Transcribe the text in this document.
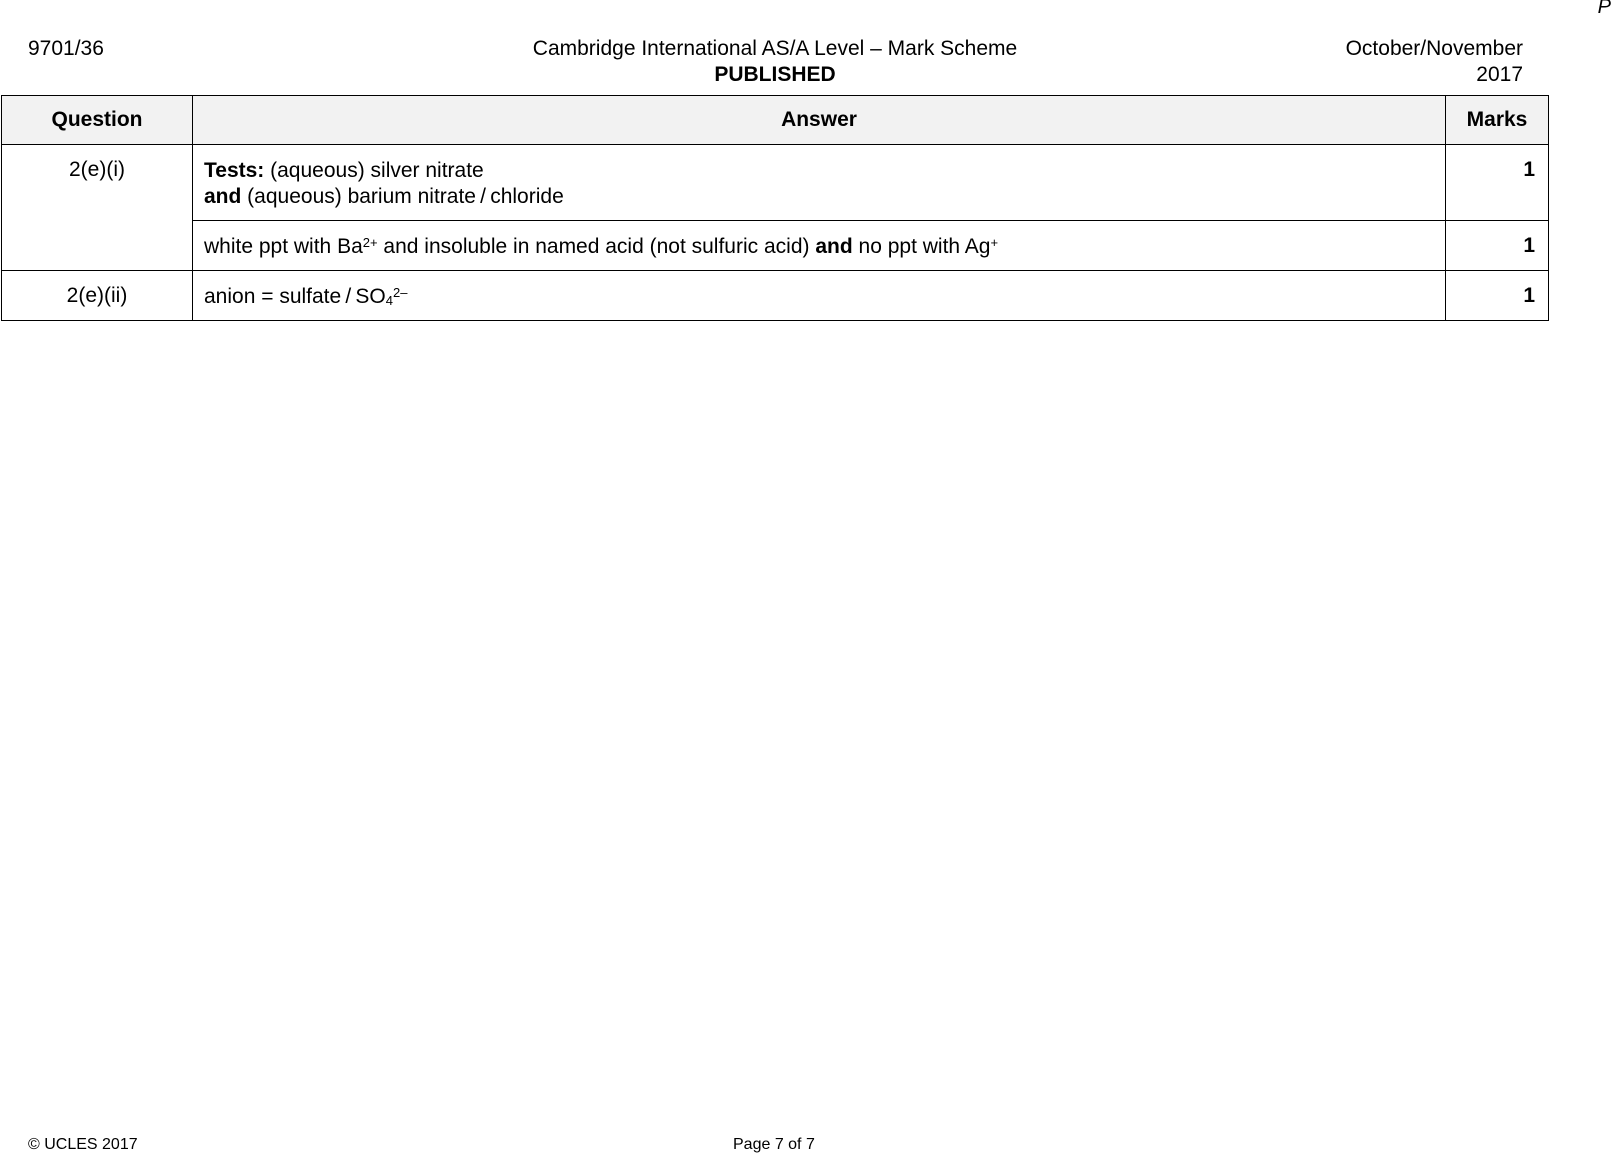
9701/36	Cambridge International AS/A Level – Mark Scheme
PUBLISHED
October/November
2017
P
Question	Answer	Marks
2(e)(i)	Tests: (aqueous) silver nitrate
and (aqueous) barium nitrate / chloride	1
	white ppt with $Ba^{2+}$ and insoluble in named acid (not sulfuric acid) and no ppt with Ag+	1
2(e)(ii)	anion = sulfate / $SO_4^{2-}$	1
© UCLES 2017	Page 7 of 7
